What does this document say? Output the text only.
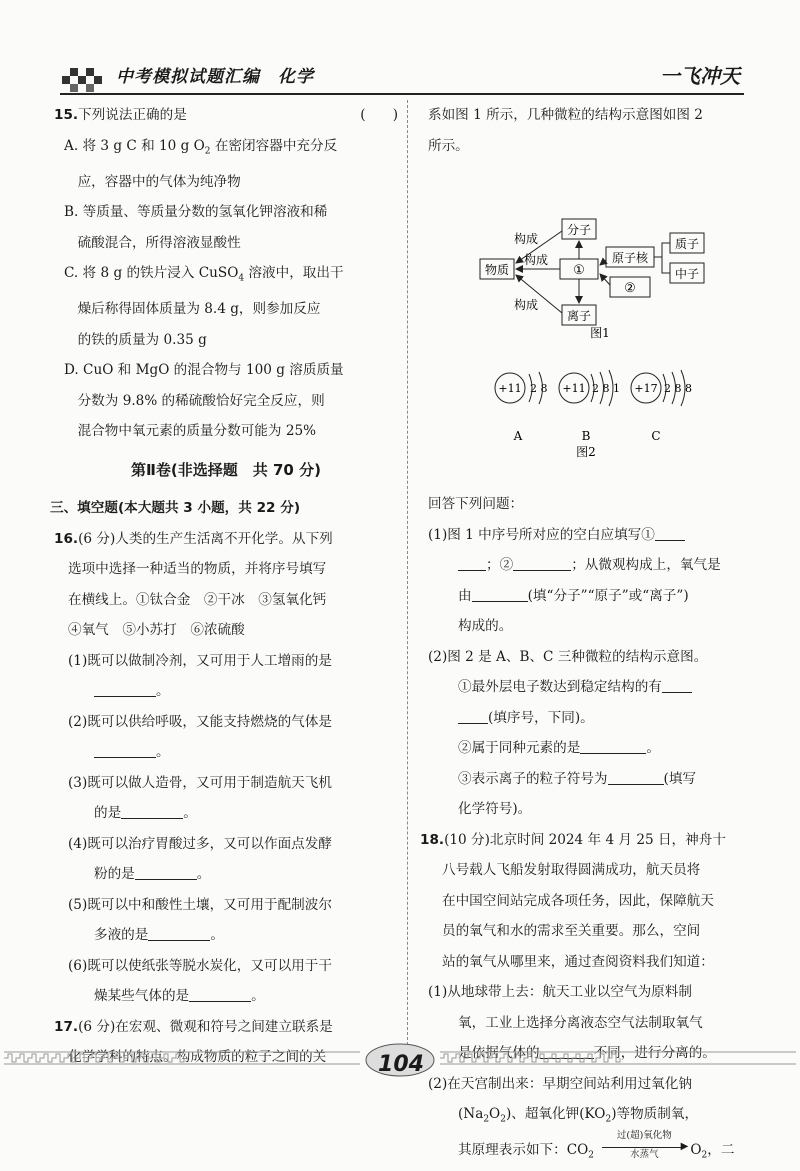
中考模拟试题汇编　化学	一飞冲天

15.下列说法正确的是	(　　)

A. 将 3 g C 和 10 g $O_2$ 在密闭容器中充分反

　应，容器中的气体为纯净物

B. 等质量、等质量分数的氢氧化钾溶液和稀

　硫酸混合，所得溶液显酸性

C. 将 8 g 的铁片浸入 CuSO$_4$ 溶液中，取出干

　燥后称得固体质量为 8.4 g，则参加反应

　的铁的质量为 0.35 g

D. CuO 和 MgO 的混合物与 100 g 溶质质量

　分数为 9.8% 的稀硫酸恰好完全反应，则

　混合物中氧元素的质量分数可能为 25%

第Ⅱ卷(非选择题　共 70 分)

三、填空题(本大题共 3 小题，共 22 分)

16.(6 分)人类的生产生活离不开化学。从下列

选项中选择一种适当的物质，并将序号填写

在横线上。①钛合金　②干冰　③氢氧化钙

④氧气　⑤小苏打　⑥浓硫酸

(1)既可以做制冷剂，又可用于人工增雨的是

。

(2)既可以供给呼吸，又能支持燃烧的气体是

。

(3)既可以做人造骨，又可用于制造航天飞机

的是	。

(4)既可以治疗胃酸过多，又可以作面点发酵

粉的是	。

(5)既可以中和酸性土壤，又可用于配制波尔

多液的是	。

(6)既可以使纸张等脱水炭化，又可以用于干

燥某些气体的是	。

17.(6 分)在宏观、微观和符号之间建立联系是

化学学科的特点。构成物质的粒子之间的关

系如图 1 所示，几种微粒的结构示意图如图 2

所示。

分子
物质	①
离子
原子核
②
质子
中子
构成
构成
构成
图1

+11 2 8
A
+11 2 8 1
B
+17 2 8 8
C
图2

回答下列问题：

(1)图 1 中序号所对应的空白应填写①

；②	；从微观构成上，氧气是

由	(填“分子”“原子”或“离子”)

构成的。

(2)图 2 是 A、B、C 三种微粒的结构示意图。

①最外层电子数达到稳定结构的有

(填序号，下同)。

②属于同种元素的是	。

③表示离子的粒子符号为	(填写

化学符号)。

18.(10 分)北京时间 2024 年 4 月 25 日，神舟十

八号载人飞船发射取得圆满成功，航天员将

在中国空间站完成各项任务，因此，保障航天

员的氧气和水的需求至关重要。那么，空间

站的氧气从哪里来，通过查阅资料我们知道：

(1)从地球带上去：航天工业以空气为原料制

氧，工业上选择分离液态空气法制取氧气

是依据气体的	不同，进行分离的。

(2)在天宫制出来：早期空间站利用过氧化钠

$(Na_2O_2)$、超氧化钾$(KO_2)$等物质制氧，

其原理表示如下：$CO_2$
过(超)氧化物
▶
水蒸气	$O_2$，二

104
